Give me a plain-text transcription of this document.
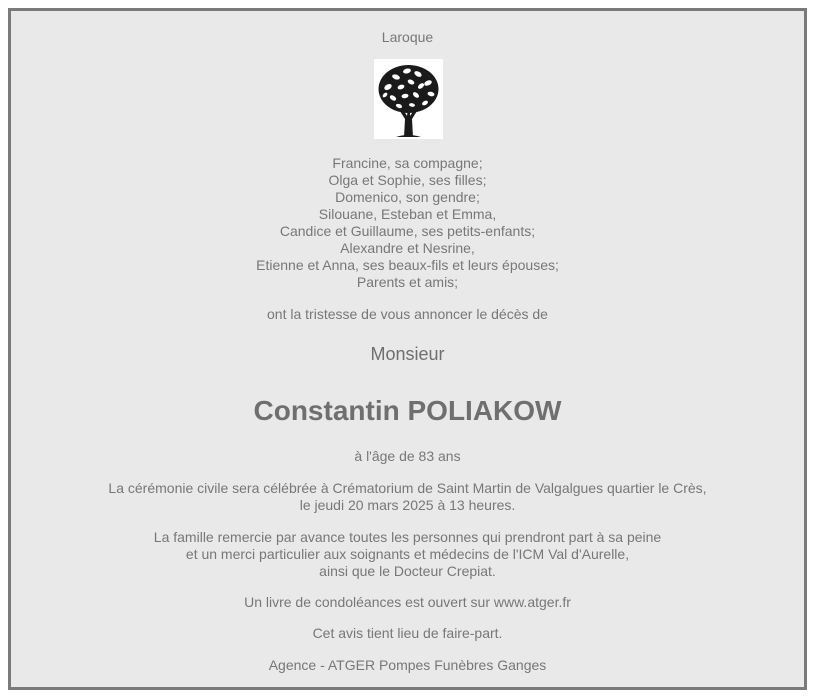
Laroque
Francine, sa compagne;
Olga et Sophie, ses filles;
Domenico, son gendre;
Silouane, Esteban et Emma,
Candice et Guillaume, ses petits-enfants;
Alexandre et Nesrine,
Etienne et Anna, ses beaux-fils et leurs épouses;
Parents et amis;
ont la tristesse de vous annoncer le décès de
Monsieur
Constantin POLIAKOW
à l'âge de 83 ans
La cérémonie civile sera célébrée à Crématorium de Saint Martin de Valgalgues quartier le Crès,
le jeudi 20 mars 2025 à 13 heures.
La famille remercie par avance toutes les personnes qui prendront part à sa peine
et un merci particulier aux soignants et médecins de l'ICM Val d'Aurelle,
ainsi que le Docteur Crepiat.
Un livre de condoléances est ouvert sur www.atger.fr
Cet avis tient lieu de faire-part.
Agence - ATGER Pompes Funèbres Ganges
